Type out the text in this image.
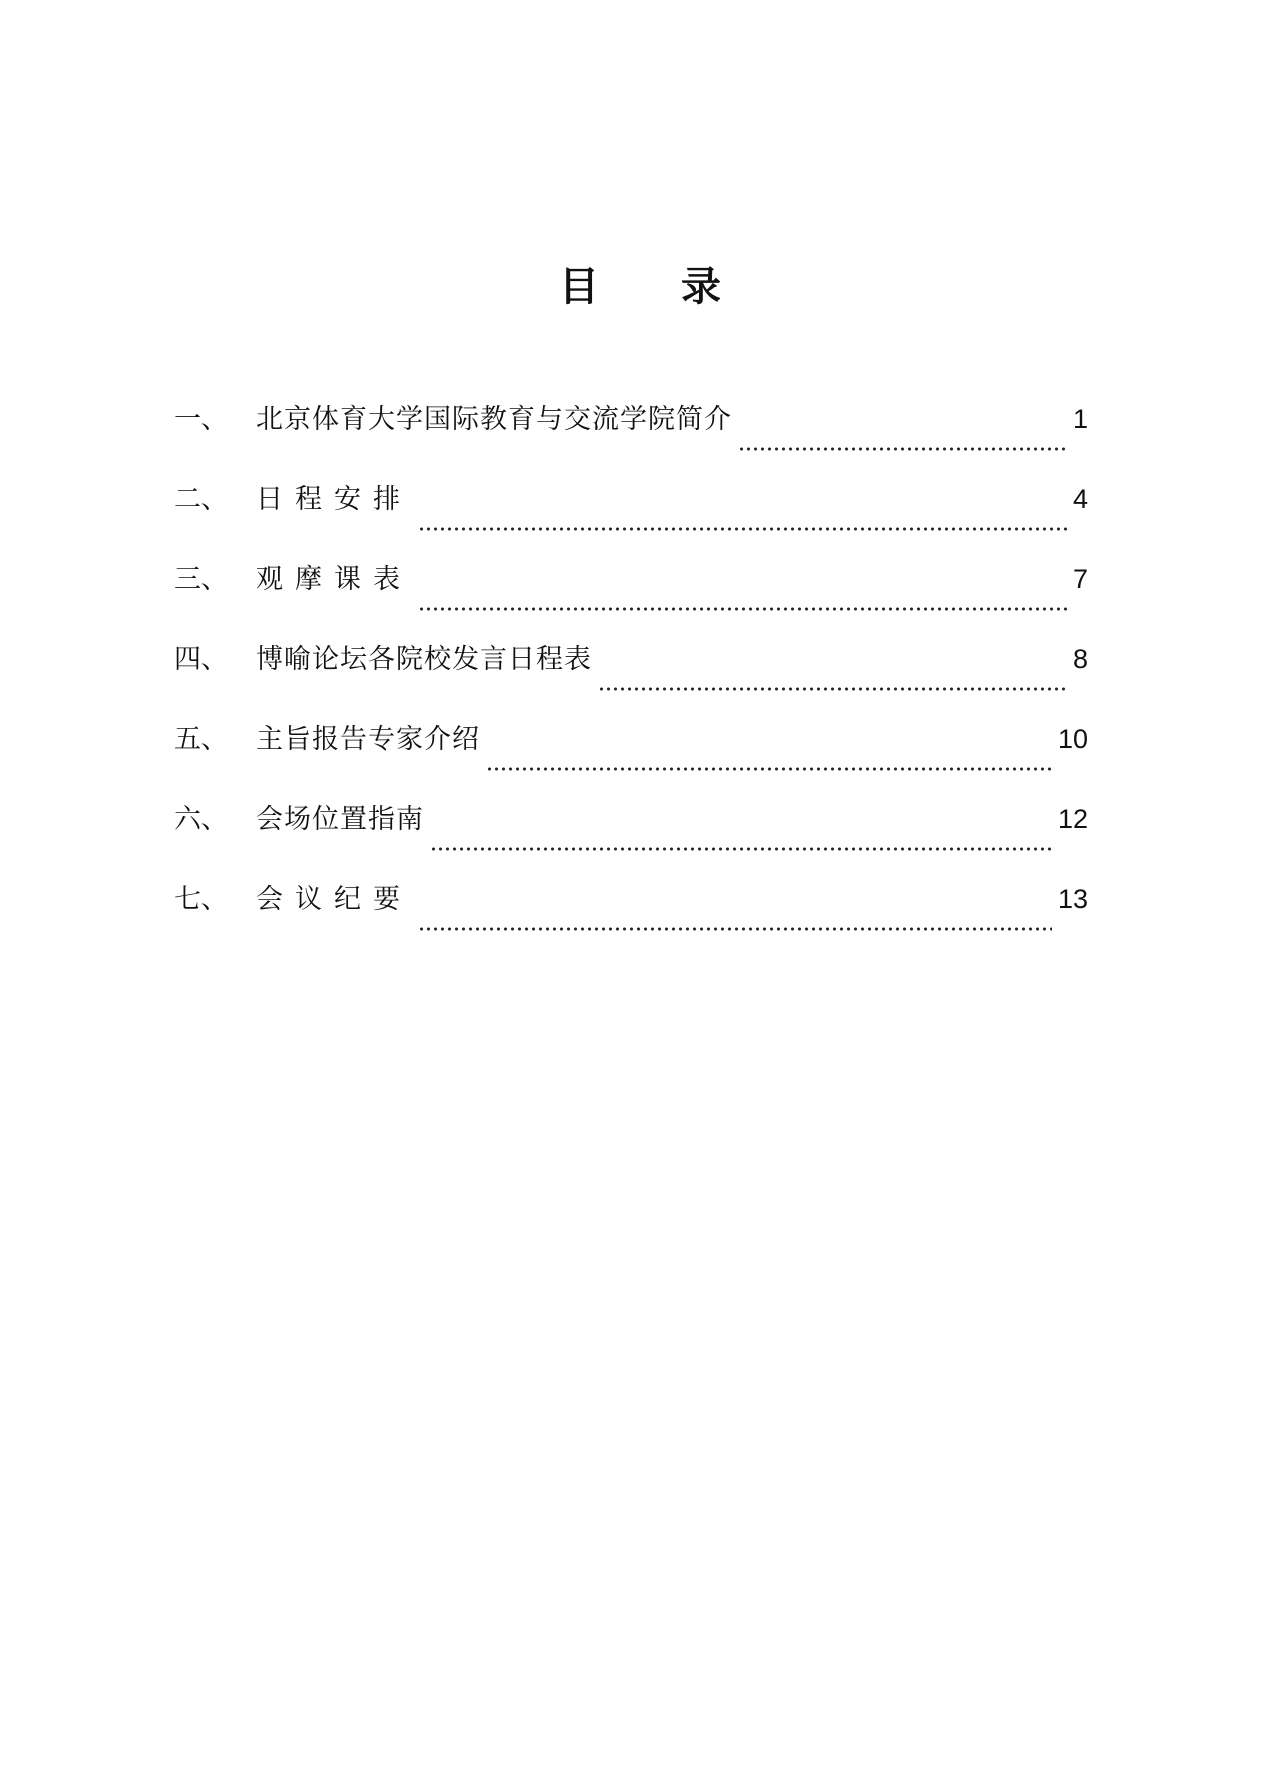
目 录
一、	北京体育大学国际教育与交流学院简介	1
二、	日程安排	4
三、	观摩课表	7
四、	博喻论坛各院校发言日程表	8
五、	主旨报告专家介绍	10
六、	会场位置指南	12
七、	会议纪要	13
